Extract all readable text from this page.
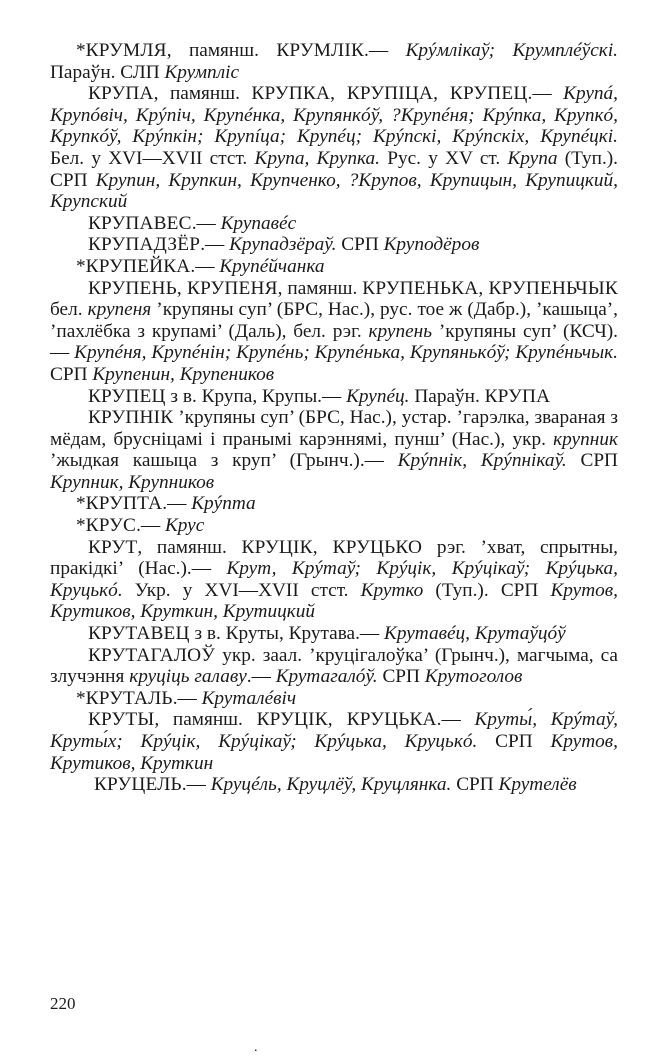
*КРУМЛЯ, памянш. КРУМЛІК.— Крýмлікаў; Крумплéўскі. Параўн. СЛП Крумпліс

КРУПА, памянш. КРУПКА, КРУПІЦА, КРУПЕЦ.— Крупá, Крупóвіч, Крýпіч, Крупéнка, Крупянкóў, ?Крупéня; Крýпка, Крупкó, Крупкóў, Крýпкін; Крупíца; Крупéц; Крýпскі, Крýпскіх, Крупéцкі. Бел. у XVI—XVII стст. Крупа, Крупка. Рус. у XV ст. Крупа (Туп.). СРП Крупин, Крупкин, Крупченко, ?Крупов, Крупицын, Крупицкий, Крупский

КРУПАВЕС.— Крупавéс

КРУПАДЗЁР.— Крупадзёраў. СРП Круподёров

*КРУПЕЙКА.— Крупéйчанка

КРУПЕНЬ, КРУПЕНЯ, памянш. КРУПЕНЬКА, КРУПЕНЬЧЫК бел. крупеня ’крупяны суп’ (БРС, Нас.), рус. тое ж (Дабр.), ’кашыца’, ’пахлёбка з крупамі’ (Даль), бел. рэг. крупень ’крупяны суп’ (КСЧ).— Крупéня, Крупéнін; Крупéнь; Крупéнька, Крупянькóў; Крупéньчык. СРП Крупенин, Крупеников

КРУПЕЦ з в. Крупа, Крупы.— Крупéц. Параўн. КРУПА

КРУПНІК ’крупяны суп’ (БРС, Нас.), устар. ’гарэлка, звараная з мёдам, брусніцамі і пранымі карэннямі, пунш’ (Нас.), укр. крупник ’жыдкая кашыца з круп’ (Грынч.).— Крýпнік, Крýпнікаў. СРП Крупник, Крупников

*КРУПТА.— Крýпта

*КРУС.— Крус

КРУТ, памянш. КРУЦІК, КРУЦЬКО рэг. ’хват, спрытны, пракідкі’ (Нас.).— Крут, Крýтаў; Крýцік, Крýцікаў; Крýцька, Круцькó. Укр. у XVI—XVII стст. Крутко (Туп.). СРП Крутов, Крутиков, Круткин, Крутицкий

КРУТАВЕЦ з в. Круты, Крутава.— Крутавéц, Крутаўцóў

КРУТАГАЛОЎ укр. заал. ’круцігалоўка’ (Грынч.), магчыма, са злучэння круціць галаву.— Крутагалóў. СРП Крутоголов

*КРУТАЛЬ.— Круталéвіч

КРУТЫ, памянш. КРУЦІК, КРУЦЬКА.— Круты́, Крýтаў, Круты́х; Крýцік, Крýцікаў; Крýцька, Круцькó. СРП Крутов, Крутиков, Круткин

КРУЦЕЛЬ.— Круцéль, Круцлёў, Круцлянка. СРП Крутелёв

220
.
